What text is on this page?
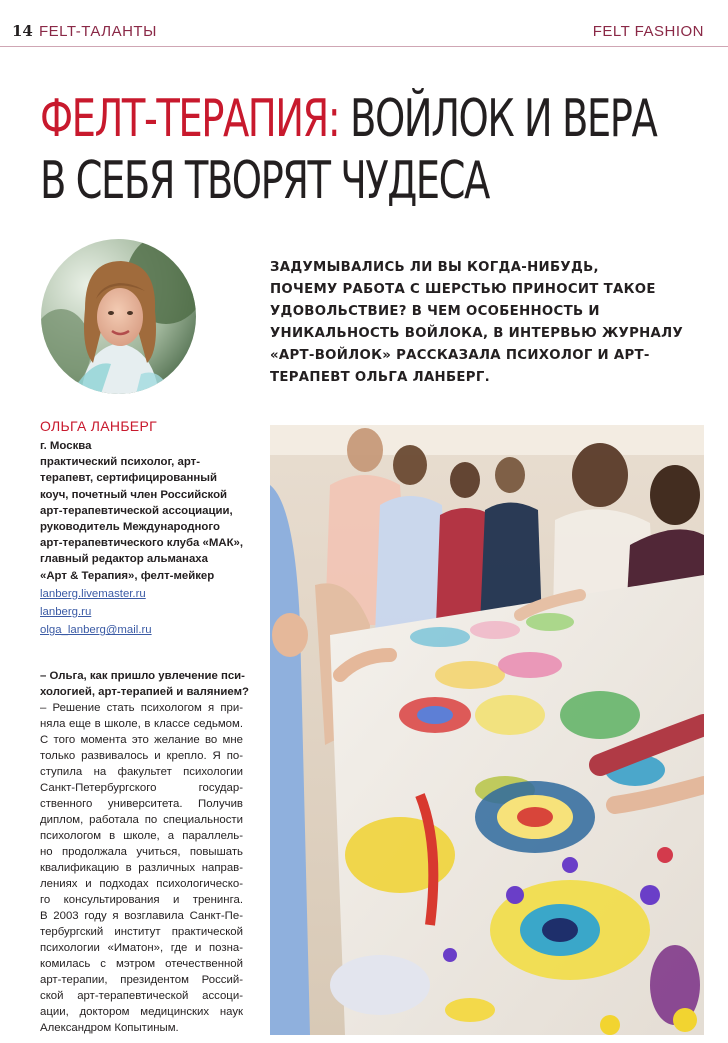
14 FELT-ТАЛАНТЫ	FELT FASHION
ФЕЛТ-ТЕРАПИЯ: ВОЙЛОК И ВЕРА
В СЕБЯ ТВОРЯТ ЧУДЕСА
ЗАДУМЫВАЛИСЬ ЛИ ВЫ КОГДА-НИБУДЬ,
ПОЧЕМУ РАБОТА С ШЕРСТЬЮ ПРИНОСИТ ТАКОЕ
УДОВОЛЬСТВИЕ? В ЧЕМ ОСОБЕННОСТЬ И
УНИКАЛЬНОСТЬ ВОЙЛОКА, В ИНТЕРВЬЮ ЖУРНАЛУ
«АРТ-ВОЙЛОК» РАССКАЗАЛА ПСИХОЛОГ И АРТ-
ТЕРАПЕВТ ОЛЬГА ЛАНБЕРГ.
ОЛЬГА ЛАНБЕРГ
г. Москва
практический психолог, арт-
терапевт, сертифицированный
коуч, почетный член Российской
арт-терапевтической ассоциации,
руководитель Международного
арт-терапевтического клуба «МАК»,
главный редактор альманаха
«Арт & Терапия», фелт-мейкер
lanberg.livemaster.ru
lanberg.ru
olga_lanberg@mail.ru
– Ольга, как пришло увлечение пси-
хологией, арт-терапией и валянием?
– Решение стать психологом я при-
няла еще в школе, в классе седьмом.
С того момента это желание во мне
только развивалось и крепло. Я по-
ступила на факультет психологии
Санкт-Петербургского государ-
ственного университета. Получив
диплом, работала по специальности
психологом в школе, а параллель-
но продолжала учиться, повышать
квалификацию в различных направ-
лениях и подходах психологическо-
го консультирования и тренинга.
В 2003 году я возглавила Санкт-Пе-
тербургский институт практической
психологии «Иматон», где и позна-
комилась с мэтром отечественной
арт-терапии, президентом Россий-
ской арт-терапевтической ассоци-
ации, доктором медицинских наук
Александром Копытиным.
